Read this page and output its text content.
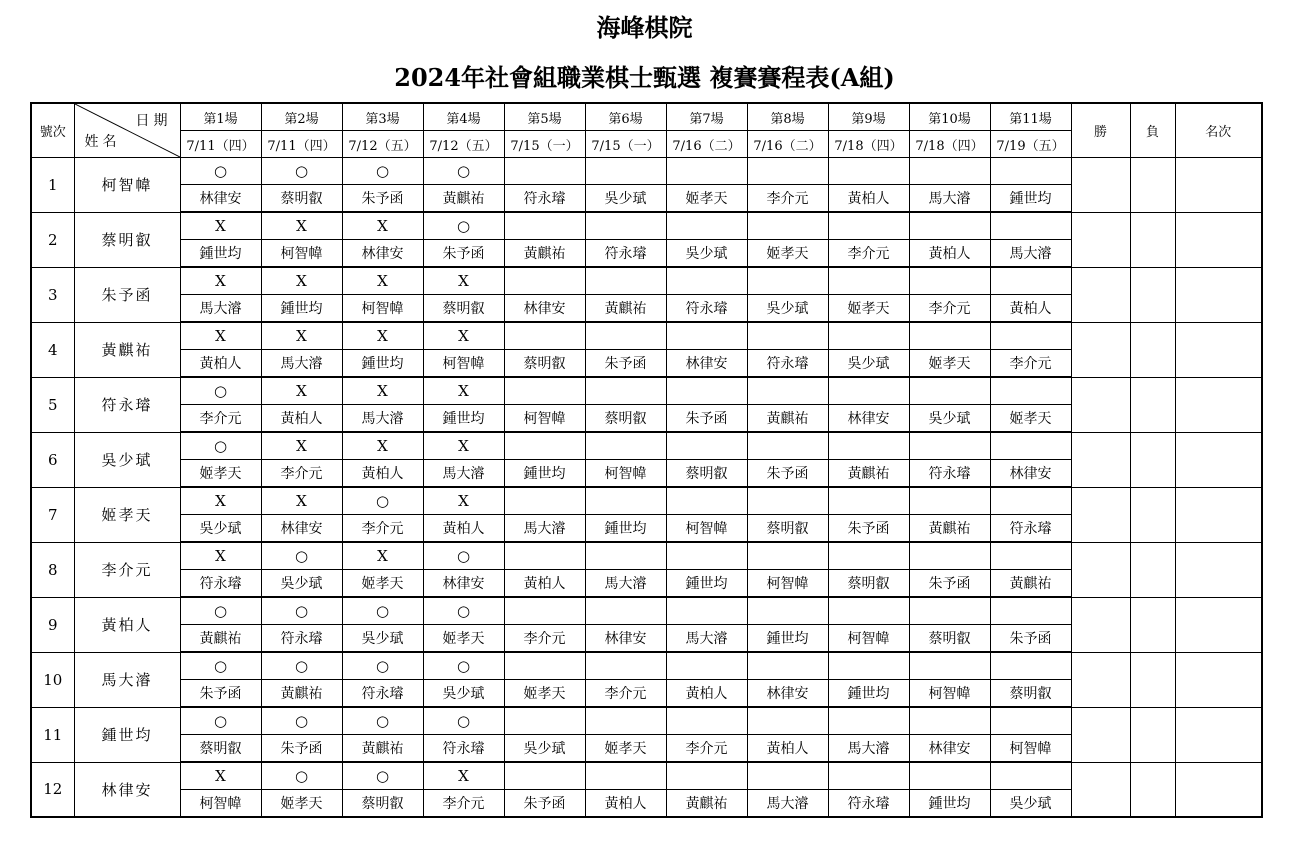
海峰棋院
2024年社會組職業棋士甄選 複賽賽程表(A組)
號次	日期
姓名	第1場	第2場	第3場	第4場	第5場	第6場	第7場	第8場	第9場	第10場	第11場	勝	負	名次
		7/11（四）	7/11（四）	7/12（五）	7/12（五）	7/15（一）	7/15（一）	7/16（二）	7/16（二）	7/18（四）	7/18（四）	7/19（五）			
1	柯智幃	○	○	○	○										
		林律安	蔡明叡	朱予函	黃麒祐	符永璿	吳少珷	姬孝天	李介元	黃柏人	馬大濬	鍾世均			
2	蔡明叡	X	X	X	○										
		鍾世均	柯智幃	林律安	朱予函	黃麒祐	符永璿	吳少珷	姬孝天	李介元	黃柏人	馬大濬			
3	朱予函	X	X	X	X										
		馬大濬	鍾世均	柯智幃	蔡明叡	林律安	黃麒祐	符永璿	吳少珷	姬孝天	李介元	黃柏人			
4	黃麒祐	X	X	X	X										
		黃柏人	馬大濬	鍾世均	柯智幃	蔡明叡	朱予函	林律安	符永璿	吳少珷	姬孝天	李介元			
5	符永璿	○	X	X	X										
		李介元	黃柏人	馬大濬	鍾世均	柯智幃	蔡明叡	朱予函	黃麒祐	林律安	吳少珷	姬孝天			
6	吳少珷	○	X	X	X										
		姬孝天	李介元	黃柏人	馬大濬	鍾世均	柯智幃	蔡明叡	朱予函	黃麒祐	符永璿	林律安			
7	姬孝天	X	X	○	X										
		吳少珷	林律安	李介元	黃柏人	馬大濬	鍾世均	柯智幃	蔡明叡	朱予函	黃麒祐	符永璿			
8	李介元	X	○	X	○										
		符永璿	吳少珷	姬孝天	林律安	黃柏人	馬大濬	鍾世均	柯智幃	蔡明叡	朱予函	黃麒祐			
9	黃柏人	○	○	○	○										
		黃麒祐	符永璿	吳少珷	姬孝天	李介元	林律安	馬大濬	鍾世均	柯智幃	蔡明叡	朱予函			
10	馬大濬	○	○	○	○										
		朱予函	黃麒祐	符永璿	吳少珷	姬孝天	李介元	黃柏人	林律安	鍾世均	柯智幃	蔡明叡			
11	鍾世均	○	○	○	○										
		蔡明叡	朱予函	黃麒祐	符永璿	吳少珷	姬孝天	李介元	黃柏人	馬大濬	林律安	柯智幃			
12	林律安	X	○	○	X										
		柯智幃	姬孝天	蔡明叡	李介元	朱予函	黃柏人	黃麒祐	馬大濬	符永璿	鍾世均	吳少珷			
